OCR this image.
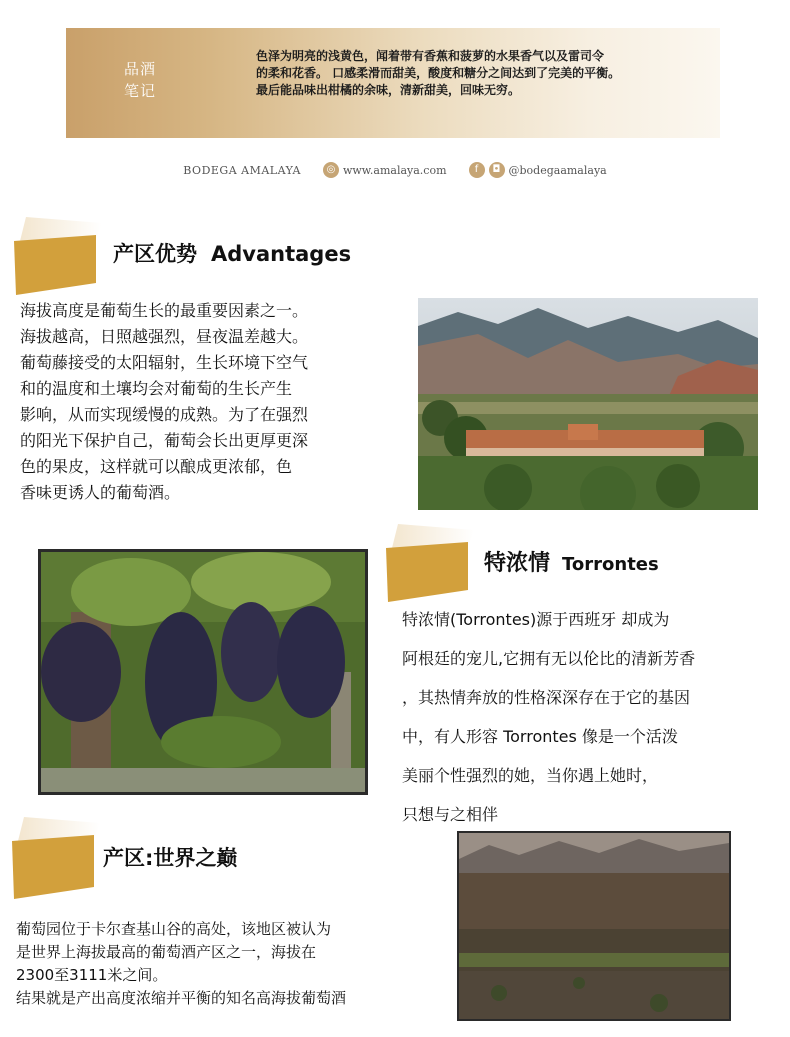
品酒
笔记
色泽为明亮的浅黄色，闻着带有香蕉和菠萝的水果香气以及雷司令
的柔和花香。 口感柔滑而甜美，酸度和糖分之间达到了完美的平衡。
最后能品味出柑橘的余味，清新甜美，回味无穷。
BODEGA AMALAYA	◎ www.amalaya.com	f	◘ @bodegaamalaya
产区优势 Advantages
海拔高度是葡萄生长的最重要因素之一。
海拔越高，日照越强烈，昼夜温差越大。
葡萄藤接受的太阳辐射，生长环境下空气
和的温度和土壤均会对葡萄的生长产生
影响，从而实现缓慢的成熟。为了在强烈
的阳光下保护自己，葡萄会长出更厚更深
色的果皮，这样就可以酿成更浓郁，色
香味更诱人的葡萄酒。
特浓情 Torrontes
特浓情(Torrontes)源于西班牙 却成为
阿根廷的宠儿,它拥有无以伦比的清新芳香
，其热情奔放的性格深深存在于它的基因
中，有人形容 Torrontes 像是一个活泼
美丽个性强烈的她，当你遇上她时，
只想与之相伴
产区:世界之巅
葡萄园位于卡尔查基山谷的高处，该地区被认为
是世界上海拔最高的葡萄酒产区之一，海拔在
2300至3111米之间。
结果就是产出高度浓缩并平衡的知名高海拔葡萄酒
